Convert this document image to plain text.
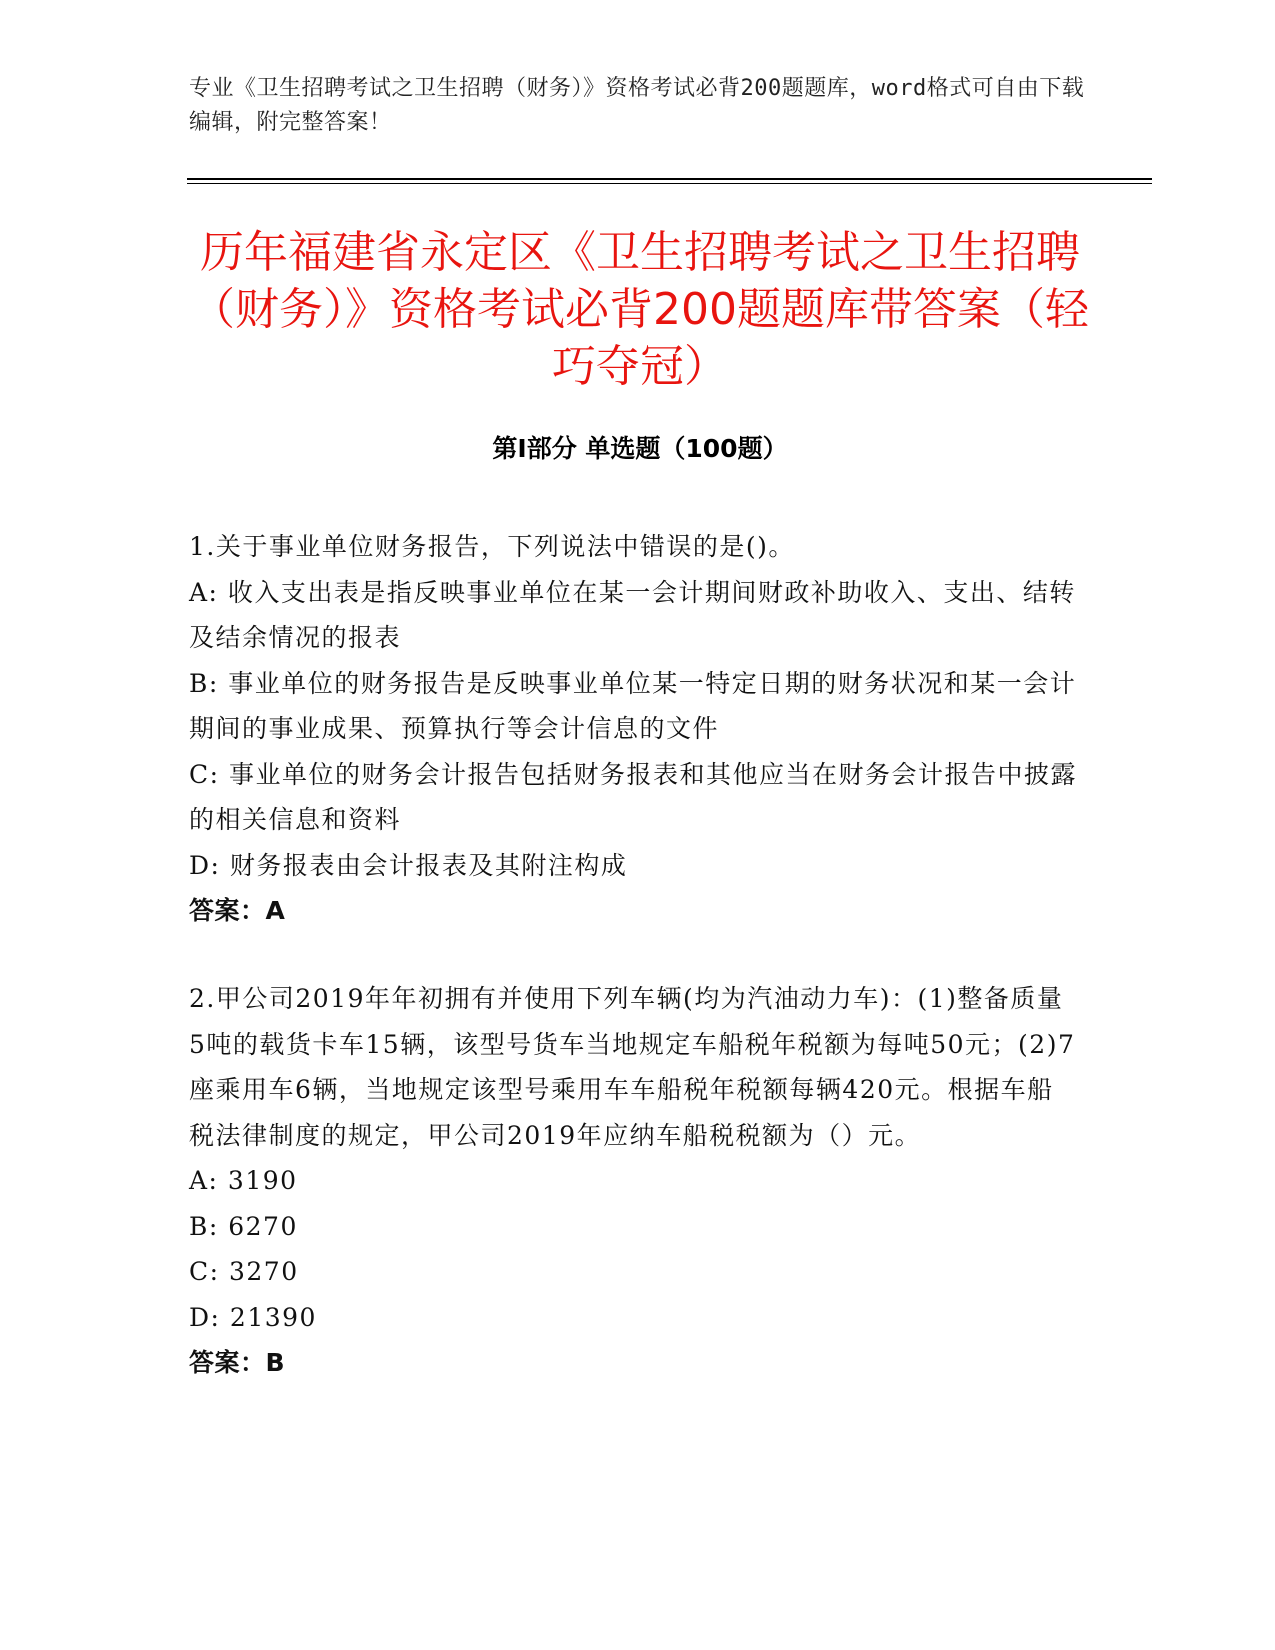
专业《卫生招聘考试之卫生招聘（财务）》资格考试必背200题题库，word格式可自由下载编辑，附完整答案！
历年福建省永定区《卫生招聘考试之卫生招聘（财务）》资格考试必背200题题库带答案（轻巧夺冠）
第Ⅰ部分 单选题（100题）

1.关于事业单位财务报告，下列说法中错误的是()。

A: 收入支出表是指反映事业单位在某一会计期间财政补助收入、支出、结转及结余情况的报表

B: 事业单位的财务报告是反映事业单位某一特定日期的财务状况和某一会计期间的事业成果、预算执行等会计信息的文件

C: 事业单位的财务会计报告包括财务报表和其他应当在财务会计报告中披露的相关信息和资料

D: 财务报表由会计报表及其附注构成

答案：A

2.甲公司2019年年初拥有并使用下列车辆(均为汽油动力车)：(1)整备质量5吨的载货卡车15辆，该型号货车当地规定车船税年税额为每吨50元；(2)7座乘用车6辆，当地规定该型号乘用车车船税年税额每辆420元。根据车船税法律制度的规定，甲公司2019年应纳车船税税额为（）元。

A: 3190

B: 6270

C: 3270

D: 21390

答案：B
